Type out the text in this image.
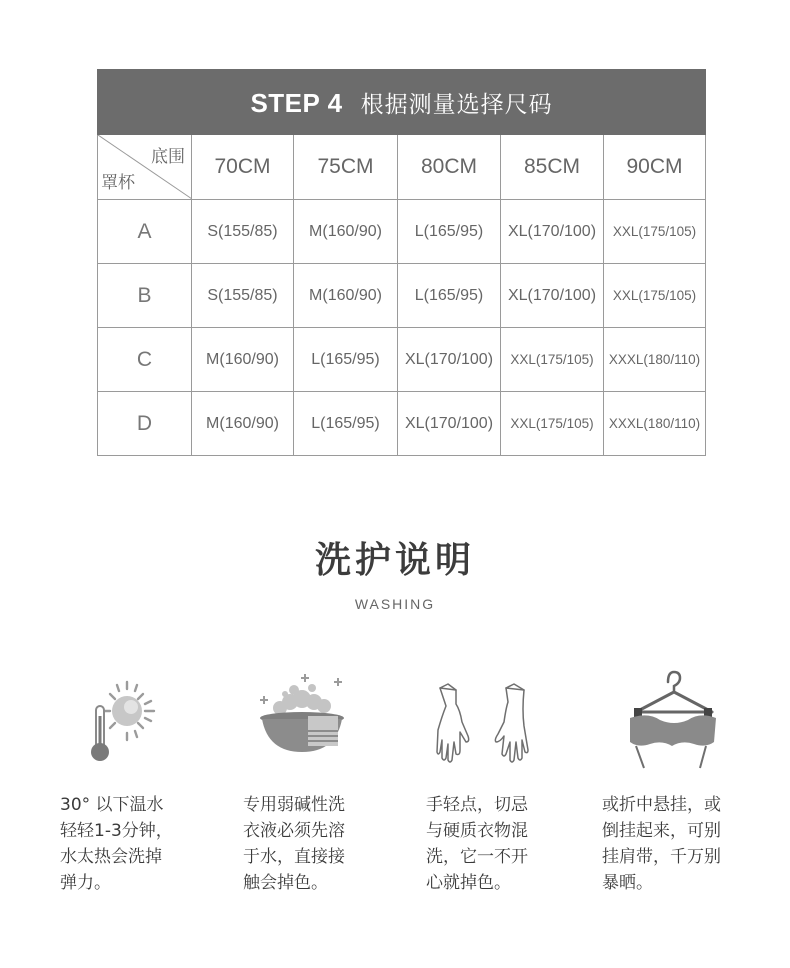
STEP 4 根据测量选择尺码					

底围
罩杯	70CM	75CM	80CM	85CM	90CM
A	S(155/85)	M(160/90)	L(165/95)	XL(170/100)	XXL(175/105)
B	S(155/85)	M(160/90)	L(165/95)	XL(170/100)	XXL(175/105)
C	M(160/90)	L(165/95)	XL(170/100)	XXL(175/105)	XXXL(180/110)
D	M(160/90)	L(165/95)	XL(170/100)	XXL(175/105)	XXXL(180/110)
洗护说明
WASHING
30° 以下温水
轻轻1-3分钟，
水太热会洗掉
弹力。
专用弱碱性洗
衣液必须先溶
于水，直接接
触会掉色。
手轻点，切忌
与硬质衣物混
洗，它一不开
心就掉色。
或折中悬挂，或
倒挂起来，可别
挂肩带，千万别
暴晒。
